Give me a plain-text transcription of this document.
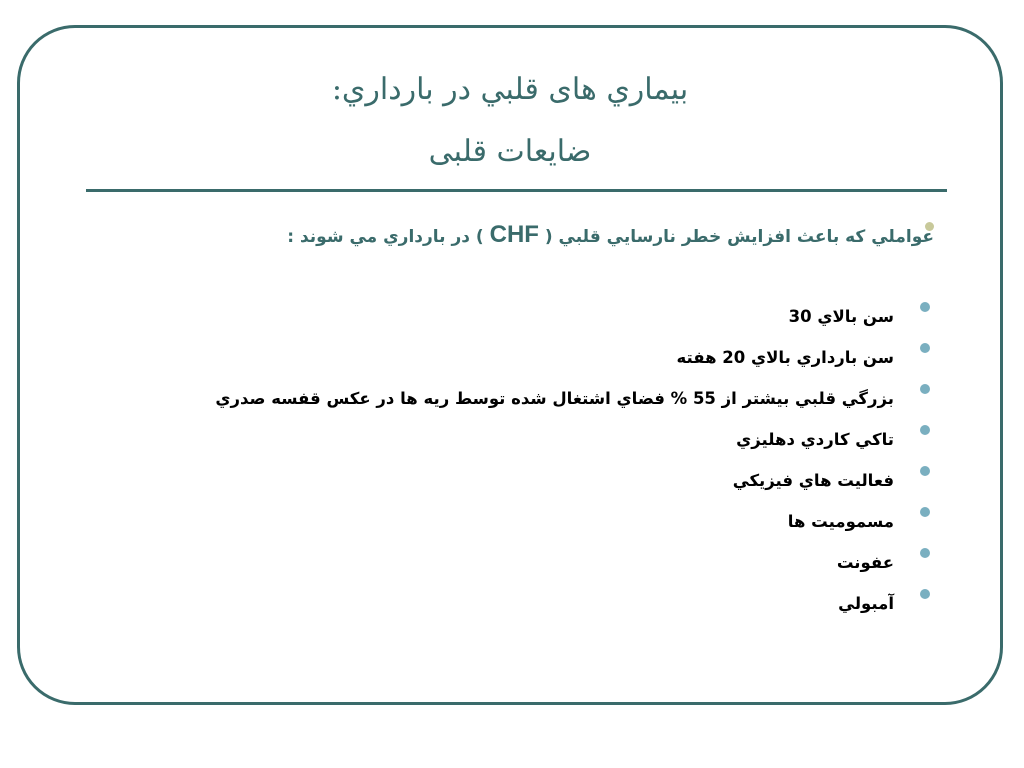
بيماري هاى قلبي در بارداري:
ضايعات قلبی
عواملي كه باعث افزايش خطر نارسايي قلبي ( CHF ) در بارداري مي شوند :
سن بالاي 30
سن بارداري بالاي 20 هفته
بزرگي قلبي بيشتر از 55 % فضاي اشتغال شده توسط ريه ها در عكس قفسه صدري
تاكي كاردي دهليزي
فعاليت هاي فيزيكي
مسموميت ها
عفونت
آمبولي
